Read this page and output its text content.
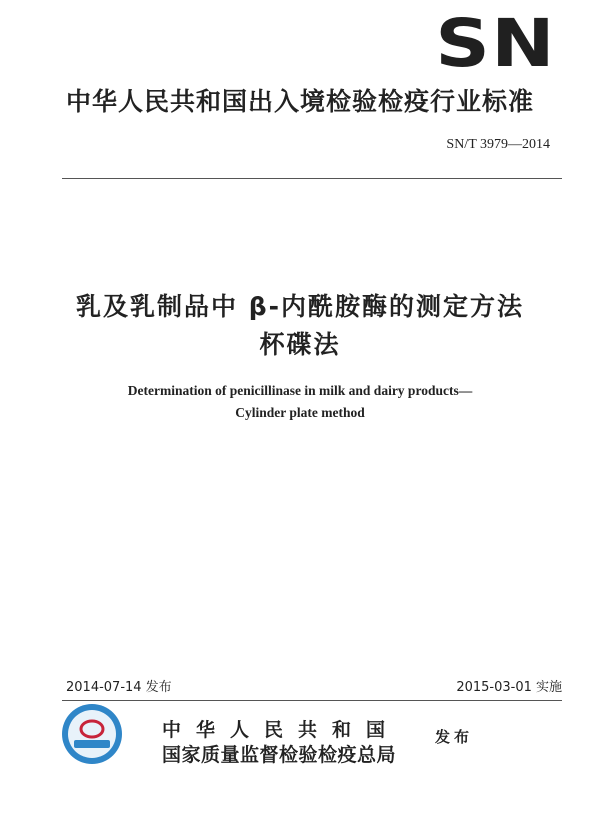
SN
中华人民共和国出入境检验检疫行业标准
SN/T 3979—2014
乳及乳制品中 β-内酰胺酶的测定方法
杯碟法
Determination of penicillinase in milk and dairy products—
Cylinder plate method
2014-07-14 发布	2015-03-01 实施
中华人民共和国
国家质量监督检验检疫总局
发布
